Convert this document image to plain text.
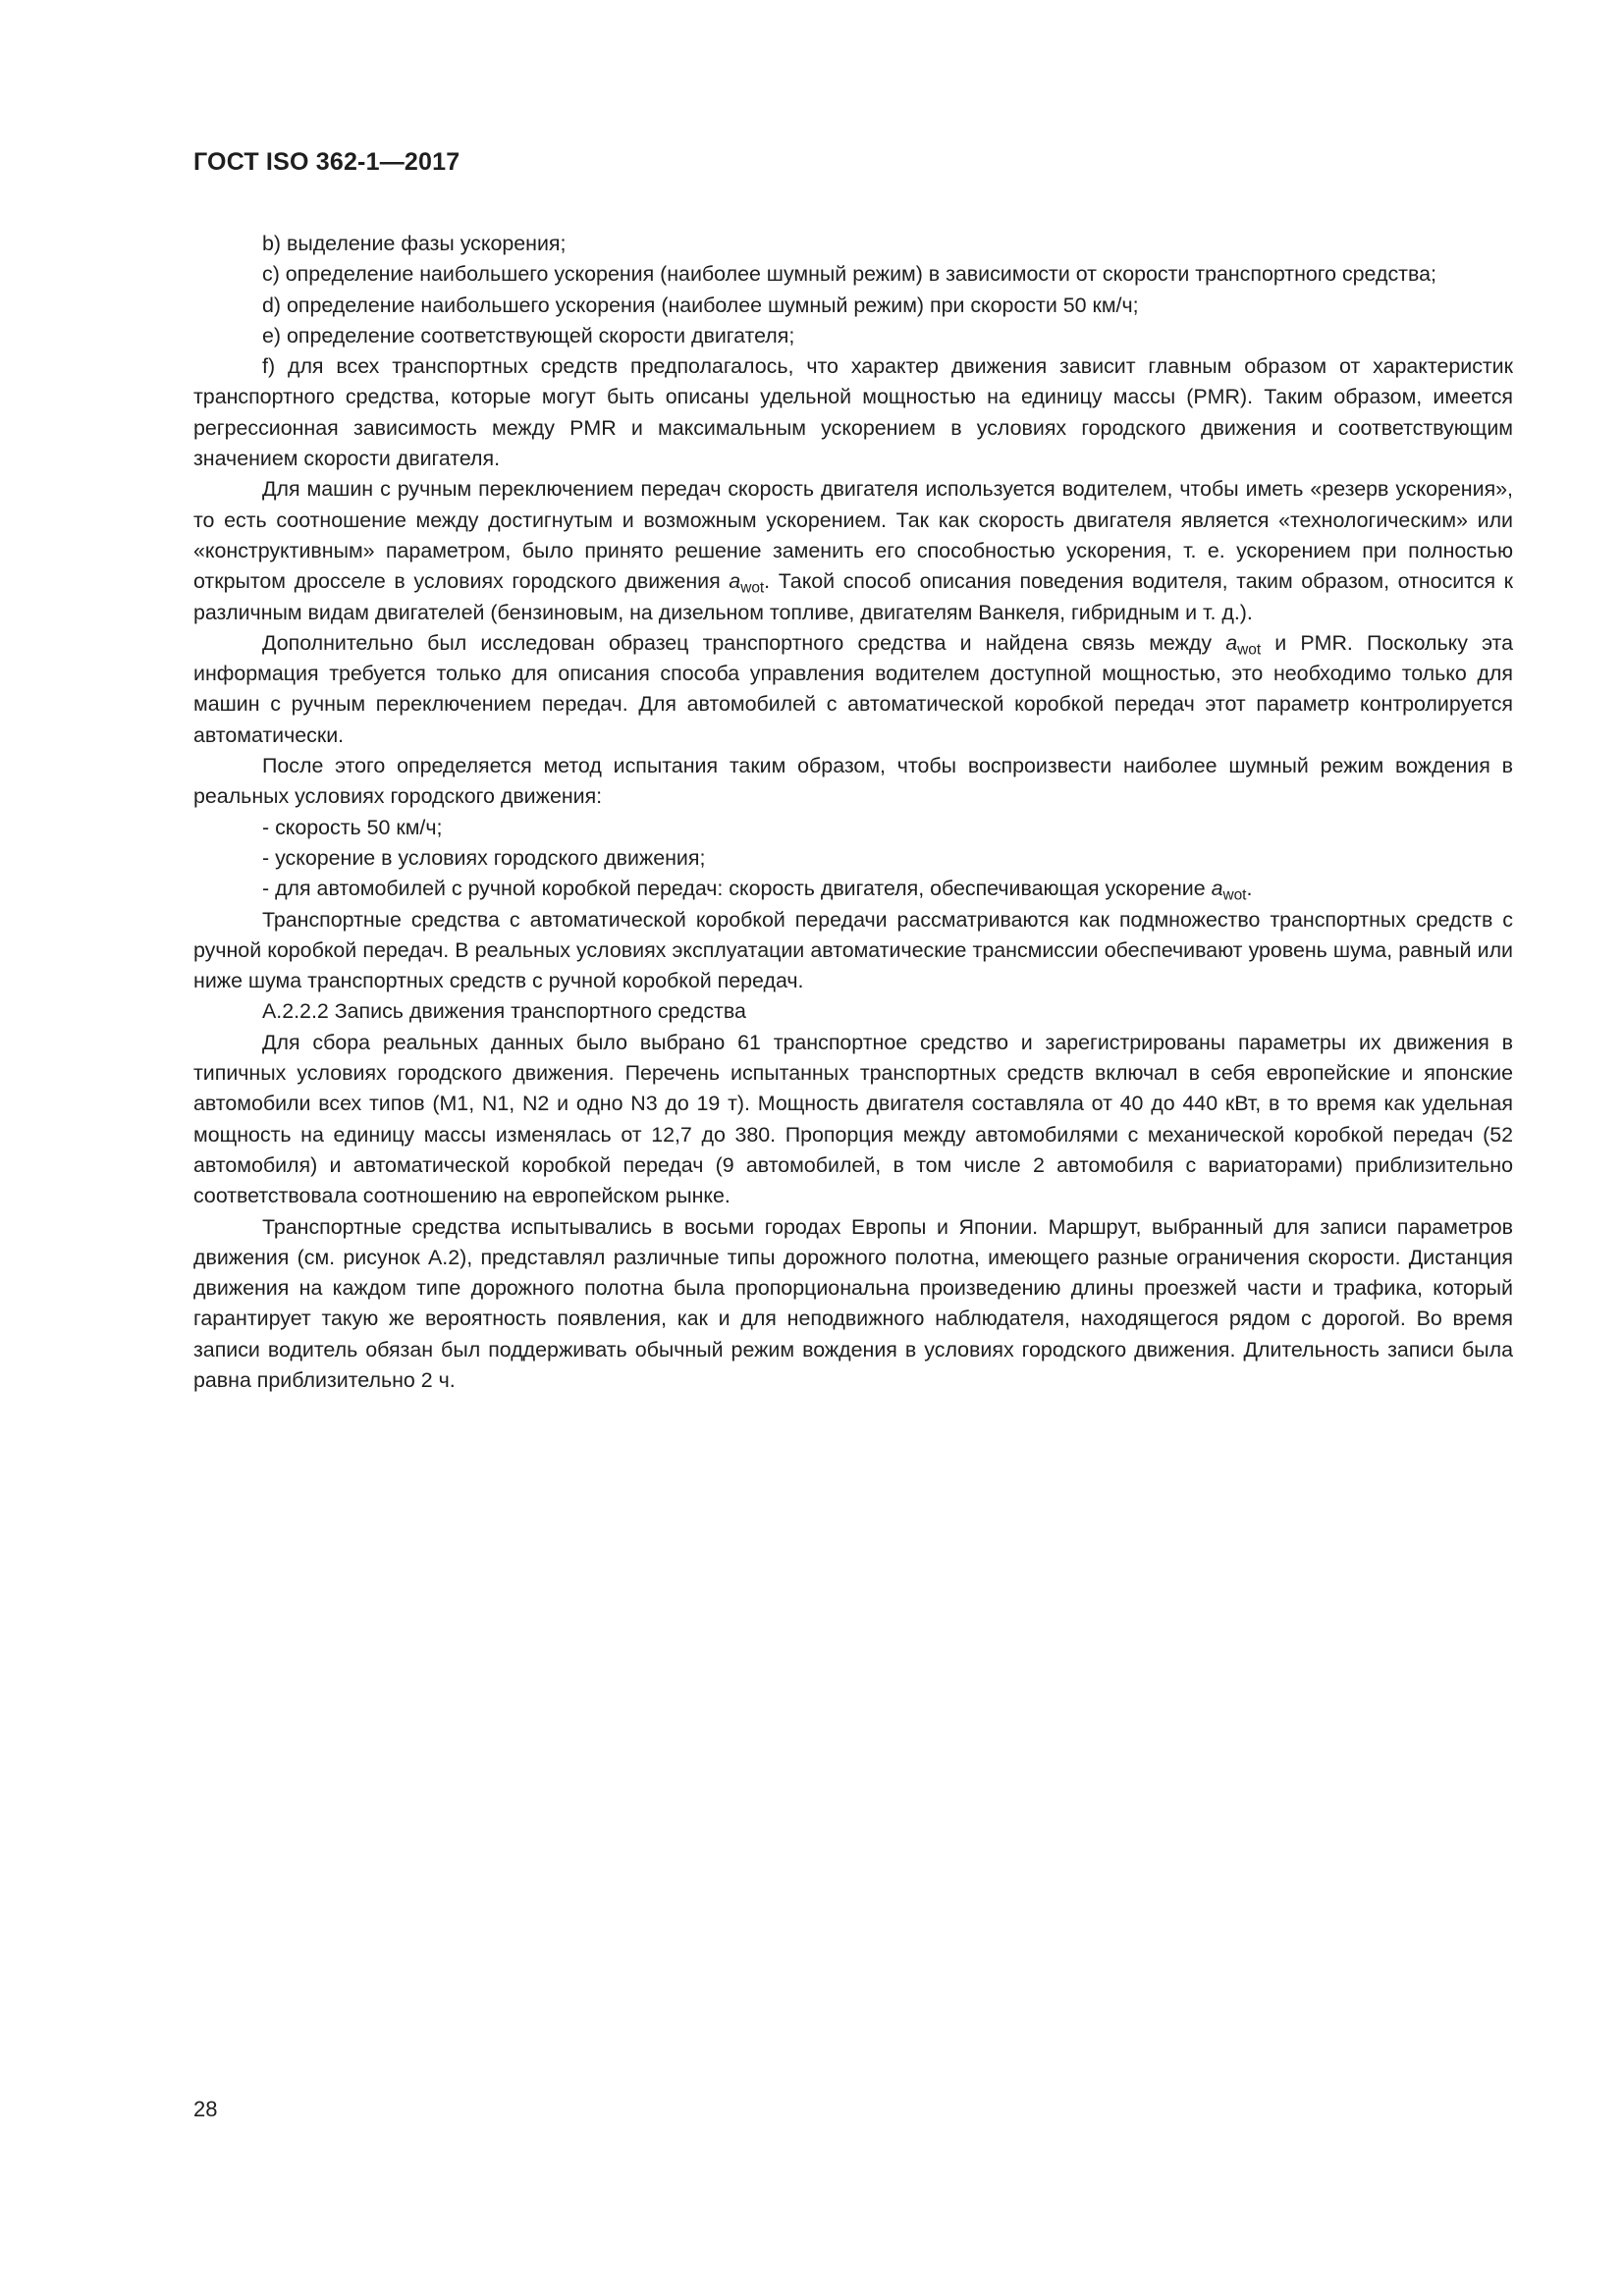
ГОСТ ISO 362-1—2017

b) выделение фазы ускорения;

c) определение наибольшего ускорения (наиболее шумный режим) в зависимости от скорости транспортного средства;

d) определение наибольшего ускорения (наиболее шумный режим) при скорости 50 км/ч;

e) определение соответствующей скорости двигателя;

f) для всех транспортных средств предполагалось, что характер движения зависит главным образом от характеристик транспортного средства, которые могут быть описаны удельной мощностью на единицу массы (PMR). Таким образом, имеется регрессионная зависимость между PMR и максимальным ускорением в условиях городского движения и соответствующим значением скорости двигателя.

Для машин с ручным переключением передач скорость двигателя используется водителем, чтобы иметь «резерв ускорения», то есть соотношение между достигнутым и возможным ускорением. Так как скорость двигателя является «технологическим» или «конструктивным» параметром, было принято решение заменить его способностью ускорения, т. е. ускорением при полностью открытом дросселе в условиях городского движения $a_{wot}$. Такой способ описания поведения водителя, таким образом, относится к различным видам двигателей (бензиновым, на дизельном топливе, двигателям Ванкеля, гибридным и т. д.).

Дополнительно был исследован образец транспортного средства и найдена связь между $a_{wot}$ и PMR. Поскольку эта информация требуется только для описания способа управления водителем доступной мощностью, это необходимо только для машин с ручным переключением передач. Для автомобилей с автоматической коробкой передач этот параметр контролируется автоматически.

После этого определяется метод испытания таким образом, чтобы воспроизвести наиболее шумный режим вождения в реальных условиях городского движения:

- скорость 50 км/ч;

- ускорение в условиях городского движения;

- для автомобилей с ручной коробкой передач: скорость двигателя, обеспечивающая ускорение $a_{wot}$.

Транспортные средства с автоматической коробкой передачи рассматриваются как подмножество транспортных средств с ручной коробкой передач. В реальных условиях эксплуатации автоматические трансмиссии обеспечивают уровень шума, равный или ниже шума транспортных средств с ручной коробкой передач.

А.2.2.2 Запись движения транспортного средства

Для сбора реальных данных было выбрано 61 транспортное средство и зарегистрированы параметры их движения в типичных условиях городского движения. Перечень испытанных транспортных средств включал в себя европейские и японские автомобили всех типов (M1, N1, N2 и одно N3 до 19 т). Мощность двигателя составляла от 40 до 440 кВт, в то время как удельная мощность на единицу массы изменялась от 12,7 до 380. Пропорция между автомобилями с механической коробкой передач (52 автомобиля) и автоматической коробкой передач (9 автомобилей, в том числе 2 автомобиля с вариаторами) приблизительно соответствовала соотношению на европейском рынке.

Транспортные средства испытывались в восьми городах Европы и Японии. Маршрут, выбранный для записи параметров движения (см. рисунок А.2), представлял различные типы дорожного полотна, имеющего разные ограничения скорости. Дистанция движения на каждом типе дорожного полотна была пропорциональна произведению длины проезжей части и трафика, который гарантирует такую же вероятность появления, как и для неподвижного наблюдателя, находящегося рядом с дорогой. Во время записи водитель обязан был поддерживать обычный режим вождения в условиях городского движения. Длительность записи была равна приблизительно 2 ч.

28
